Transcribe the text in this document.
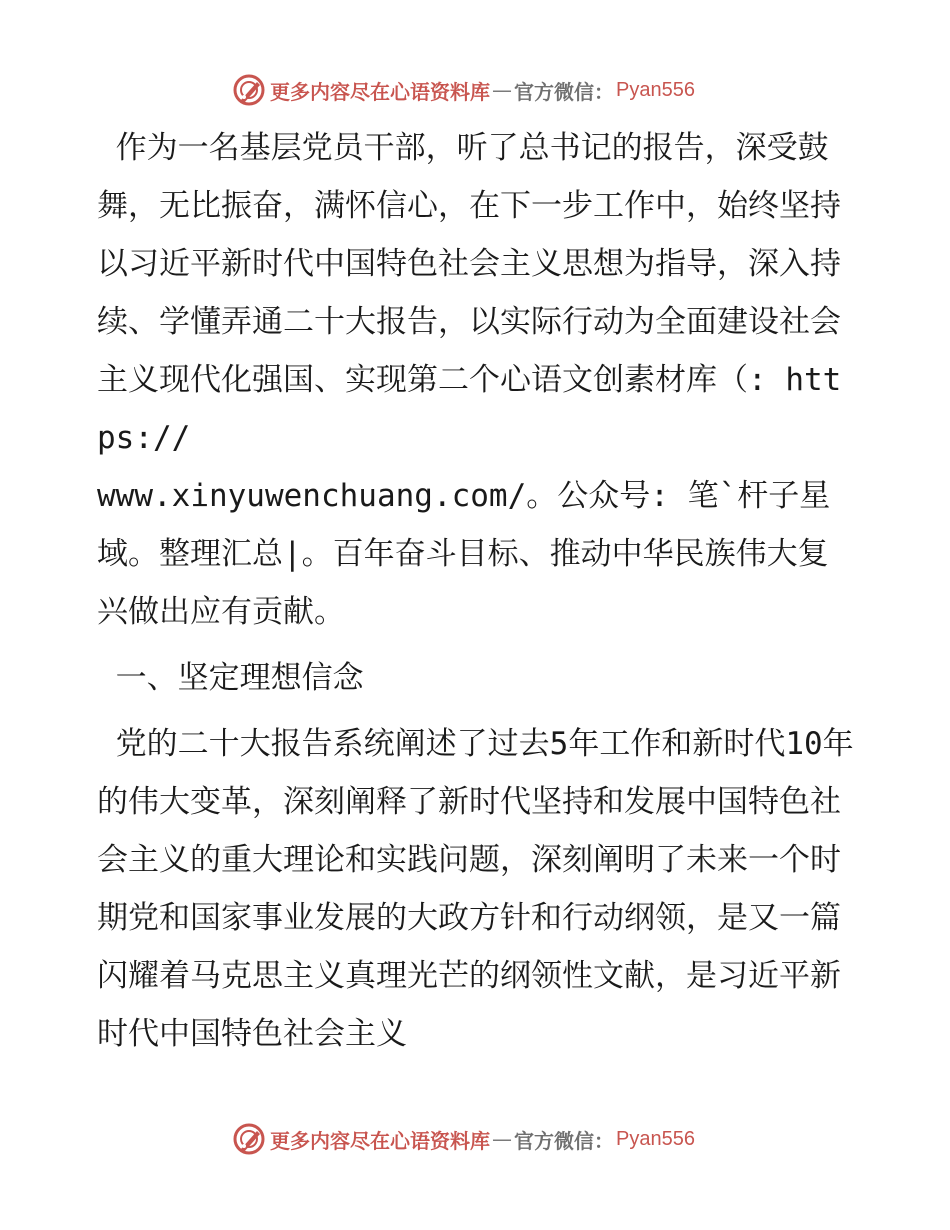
更多内容尽在心语资料库 — 官方微信： Pyan556

作为一名基层党员干部，听了总书记的报告，深受鼓舞，无比振奋，满怀信心，在下一步工作中，始终坚持以习近平新时代中国特色社会主义思想为指导，深入持续、学懂弄通二十大报告，以实际行动为全面建设社会主义现代化强国、实现第二个心语文创素材库（: https://
www.xinyuwenchuang.com/。公众号: 笔`杆子星域。整理汇总|。百年奋斗目标、推动中华民族伟大复兴做出应有贡献。

一、坚定理想信念

党的二十大报告系统阐述了过去5年工作和新时代10年的伟大变革，深刻阐释了新时代坚持和发展中国特色社会主义的重大理论和实践问题，深刻阐明了未来一个时期党和国家事业发展的大政方针和行动纲领，是又一篇闪耀着马克思主义真理光芒的纲领性文献，是习近平新时代中国特色社会主义

更多内容尽在心语资料库 — 官方微信： Pyan556
